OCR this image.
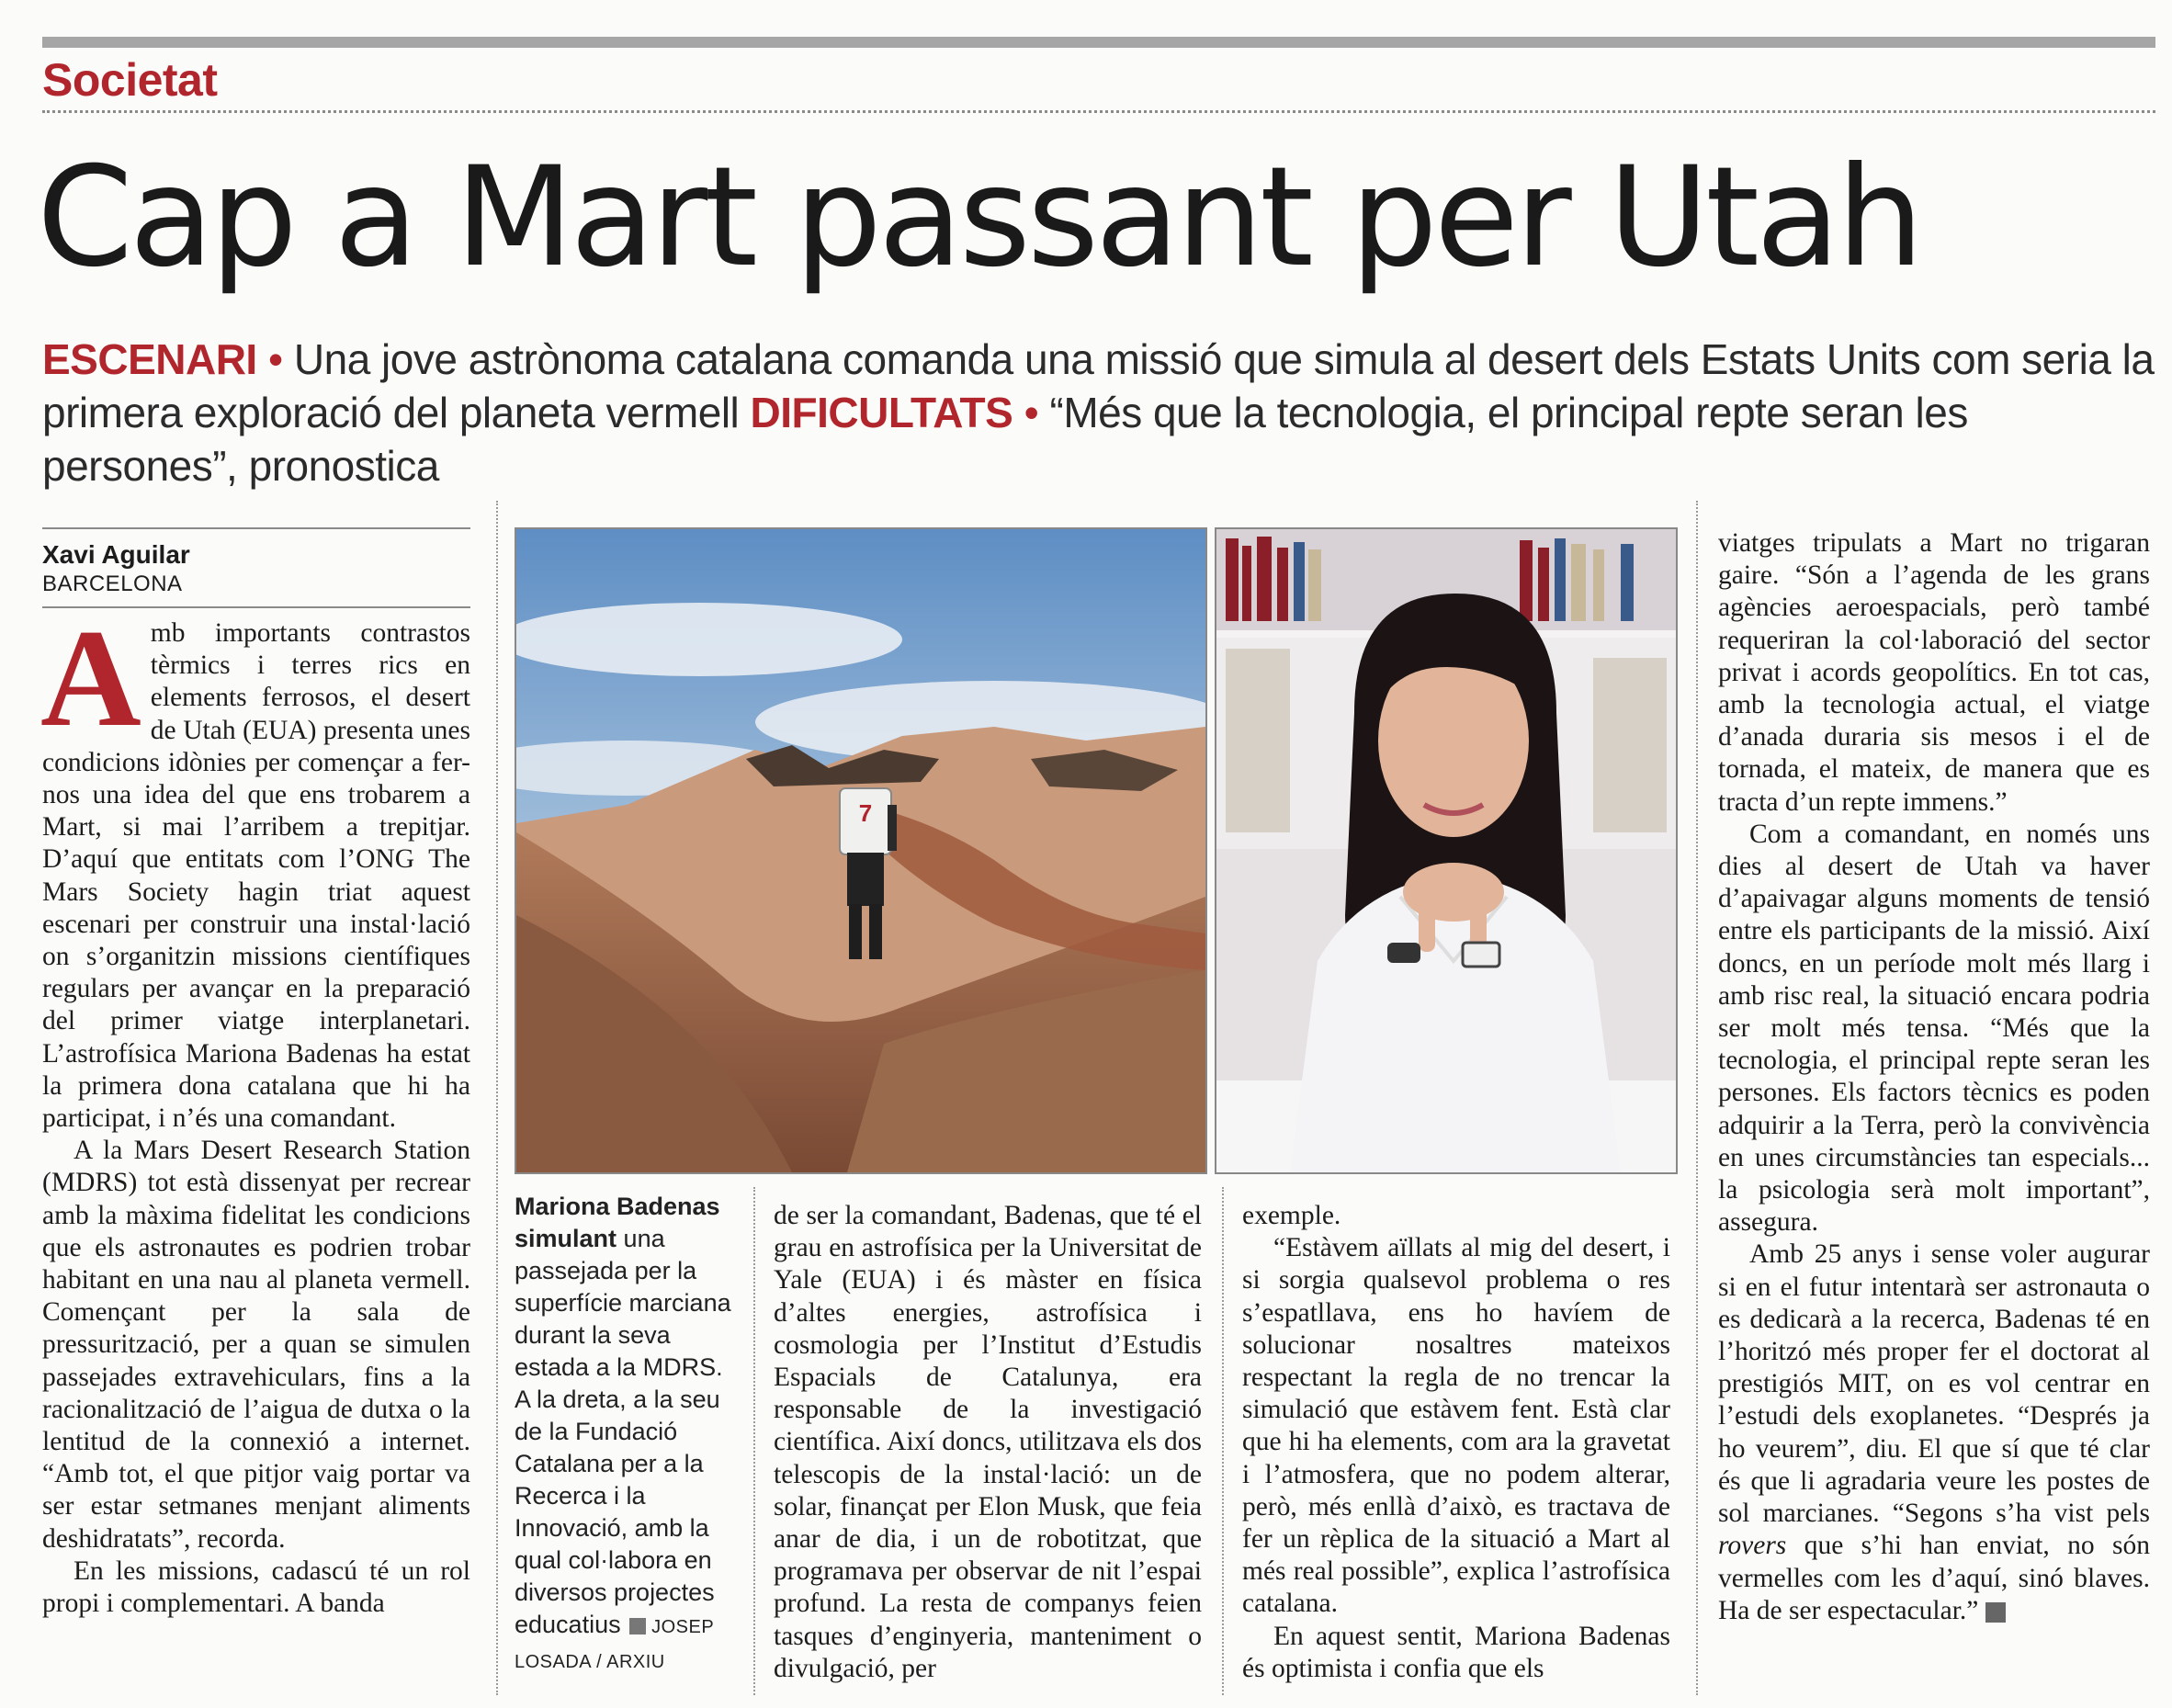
Societat
Cap a Mart passant per Utah
ESCENARI • Una jove astrònoma catalana comanda una missió que simula al desert dels Estats Units com seria la primera exploració del planeta vermell DIFICULTATS • “Més que la tecnologia, el principal repte seran les persones”, pronostica
Xavi Aguilar
BARCELONA

Amb importants contrastos tèrmics i terres rics en elements ferrosos, el desert de Utah (EUA) presenta unes condicions idònies per començar a fer-nos una idea del que ens trobarem a Mart, si mai l’arribem a trepitjar. D’aquí que entitats com l’ONG The Mars Society hagin triat aquest escenari per construir una instal·lació on s’organitzin missions científiques regulars per avançar en la preparació del primer viatge interplanetari. L’astrofísica Mariona Badenas ha estat la primera dona catalana que hi ha participat, i n’és una comandant.

A la Mars Desert Research Station (MDRS) tot està dissenyat per recrear amb la màxima fidelitat les condicions que els astronautes es podrien trobar habitant en una nau al planeta vermell. Començant per la sala de pressurització, per a quan se simulen passejades extravehiculars, fins a la racionalització de l’aigua de dutxa o la lentitud de la connexió a internet. “Amb tot, el que pitjor vaig portar va ser estar setmanes menjant aliments deshidratats”, recorda.

En les missions, cadascú té un rol propi i complementari. A banda

7
Mariona Badenas simulant una passejada per la superfície marciana durant la seva estada a la MDRS. A la dreta, a la seu de la Fundació Catalana per a la Recerca i la Innovació, amb la qual col·labora en diversos projectes educatius JOSEP LOSADA / ARXIU

de ser la comandant, Badenas, que té el grau en astrofísica per la Universitat de Yale (EUA) i és màster en física d’altes energies, astrofísica i cosmologia per l’Institut d’Estudis Espacials de Catalunya, era responsable de la investigació científica. Així doncs, utilitzava els dos telescopis de la instal·lació: un de solar, finançat per Elon Musk, que feia anar de dia, i un de robotitzat, que programava per observar de nit l’espai profund. La resta de companys feien tasques d’enginyeria, manteniment o divulgació, per

exemple.

“Estàvem aïllats al mig del desert, i si sorgia qualsevol problema o res s’espatllava, ens ho havíem de solucionar nosaltres mateixos respectant la regla de no trencar la simulació que estàvem fent. Està clar que hi ha elements, com ara la gravetat i l’atmosfera, que no podem alterar, però, més enllà d’això, es tractava de fer un rèplica de la situació a Mart al més real possible”, explica l’astrofísica catalana.

En aquest sentit, Mariona Badenas és optimista i confia que els

viatges tripulats a Mart no trigaran gaire. “Són a l’agenda de les grans agències aeroespacials, però també requeriran la col·laboració del sector privat i acords geopolítics. En tot cas, amb la tecnologia actual, el viatge d’anada duraria sis mesos i el de tornada, el mateix, de manera que es tracta d’un repte immens.”

Com a comandant, en només uns dies al desert de Utah va haver d’apaivagar alguns moments de tensió entre els participants de la missió. Així doncs, en un període molt més llarg i amb risc real, la situació encara podria ser molt més tensa. “Més que la tecnologia, el principal repte seran les persones. Els factors tècnics es poden adquirir a la Terra, però la convivència en unes circumstàncies tan especials... la psicologia serà molt important”, assegura.

Amb 25 anys i sense voler augurar si en el futur intentarà ser astronauta o es dedicarà a la recerca, Badenas té en l’horitzó més proper fer el doctorat al prestigiós MIT, on es vol centrar en l’estudi dels exoplanetes. “Després ja ho veurem”, diu. El que sí que té clar és que li agradaria veure les postes de sol marcianes. “Segons s’ha vist pels rovers que s’hi han enviat, no són vermelles com les d’aquí, sinó blaves. Ha de ser espectacular.”
